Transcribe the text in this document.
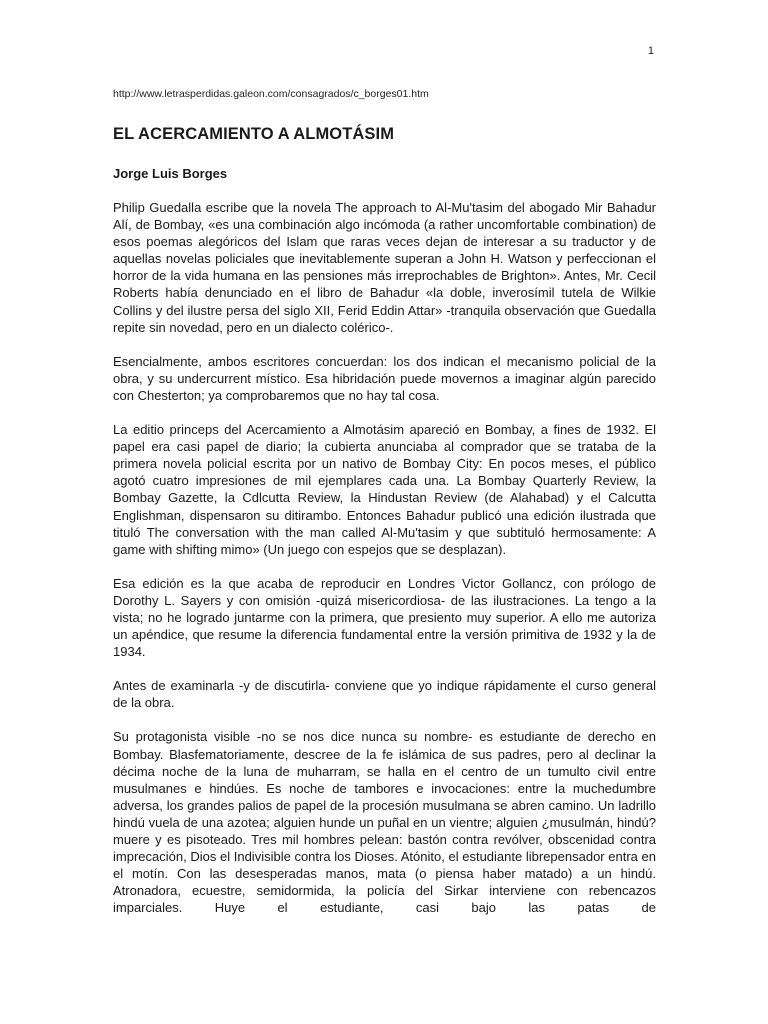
1
http://www.letrasperdidas.galeon.com/consagrados/c_borges01.htm
EL ACERCAMIENTO A ALMOTÁSIM
Jorge Luis Borges

Philip Guedalla escribe que la novela The approach to Al-Mu'tasim del abogado Mir Bahadur Alí, de Bombay, «es una combinación algo incómoda (a rather uncomfortable combination) de esos poemas alegóricos del Islam que raras veces dejan de interesar a su traductor y de aquellas novelas policiales que inevitablemente superan a John H. Watson y perfeccionan el horror de la vida humana en las pensiones más irreprochables de Brighton». Antes, Mr. Cecil Roberts había denunciado en el libro de Bahadur «la doble, inverosímil tutela de Wilkie Collins y del ilustre persa del siglo XII, Ferid Eddin Attar» -tranquila observación que Guedalla repite sin novedad, pero en un dialecto colérico-.

Esencialmente, ambos escritores concuerdan: los dos indican el mecanismo policial de la obra, y su undercurrent místico. Esa hibridación puede movernos a imaginar algún parecido con Chesterton; ya comprobaremos que no hay tal cosa.

La editio princeps del Acercamiento a Almotásim apareció en Bombay, a fines de 1932. El papel era casi papel de diario; la cubierta anunciaba al comprador que se trataba de la primera novela policial escrita por un nativo de Bombay City: En pocos meses, el público agotó cuatro impresiones de mil ejemplares cada una. La Bombay Quarterly Review, la Bombay Gazette, la Cdlcutta Review, la Hindustan Review (de Alahabad) y el Calcutta Englishman, dispensaron su ditirambo. Entonces Bahadur publicó una edición ilustrada que tituló The conversation with the man called Al-Mu'tasim y que subtituló hermosamente: A game with shifting mimo» (Un juego con espejos que se desplazan).

Esa edición es la que acaba de reproducir en Londres Victor Gollancz, con prólogo de Dorothy L. Sayers y con omisión -quizá misericordiosa- de las ilustraciones. La tengo a la vista; no he logrado juntarme con la primera, que presiento muy superior. A ello me autoriza un apéndice, que resume la diferencia fundamental entre la versión primitiva de 1932 y la de 1934.

Antes de examinarla -y de discutirla- conviene que yo indique rápidamente el curso general de la obra.

Su protagonista visible -no se nos dice nunca su nombre- es estudiante de derecho en Bombay. Blasfematoriamente, descree de la fe islámica de sus padres, pero al declinar la décima noche de la luna de muharram, se halla en el centro de un tumulto civil entre musulmanes e hindúes. Es noche de tambores e invocaciones: entre la muchedumbre adversa, los grandes palios de papel de la procesión musulmana se abren camino. Un ladrillo hindú vuela de una azotea; alguien hunde un puñal en un vientre; alguien ¿musulmán, hindú? muere y es pisoteado. Tres mil hombres pelean: bastón contra revólver, obscenidad contra imprecación, Dios el Indivisible contra los Dioses. Atónito, el estudiante librepensador entra en el motín. Con las desesperadas manos, mata (o piensa haber matado) a un hindú. Atronadora, ecuestre, semidormida, la policía del Sirkar interviene con rebencazos imparciales. Huye el estudiante, casi bajo las patas de
